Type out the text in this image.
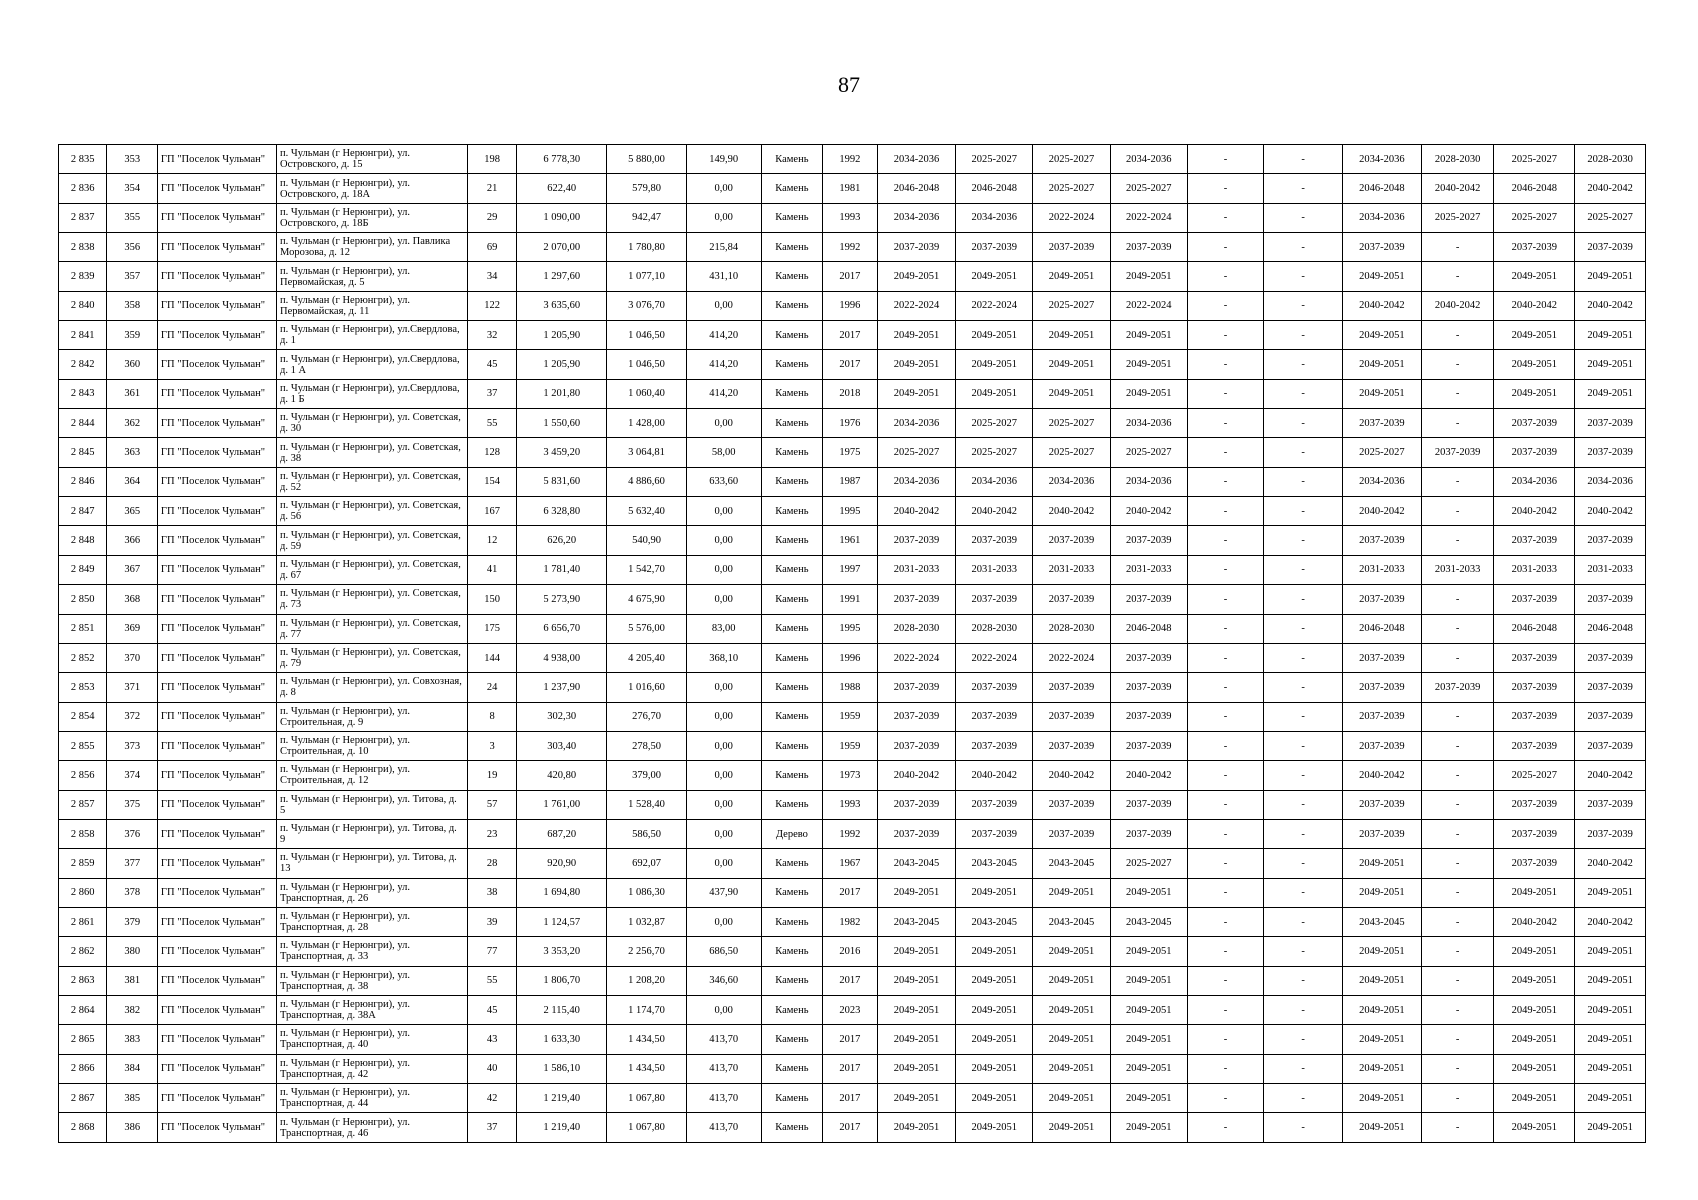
87
2 835	353	ГП "Поселок Чульман"	п. Чульман (г Нерюнгри), ул. Островского, д. 15	198	6 778,30	5 880,00	149,90	Камень	1992	2034-2036	2025-2027	2025-2027	2034-2036	-	-	2034-2036	2028-2030	2025-2027	2028-2030
2 836	354	ГП "Поселок Чульман"	п. Чульман (г Нерюнгри), ул. Островского, д. 18А	21	622,40	579,80	0,00	Камень	1981	2046-2048	2046-2048	2025-2027	2025-2027	-	-	2046-2048	2040-2042	2046-2048	2040-2042
2 837	355	ГП "Поселок Чульман"	п. Чульман (г Нерюнгри), ул. Островского, д. 18Б	29	1 090,00	942,47	0,00	Камень	1993	2034-2036	2034-2036	2022-2024	2022-2024	-	-	2034-2036	2025-2027	2025-2027	2025-2027
2 838	356	ГП "Поселок Чульман"	п. Чульман (г Нерюнгри), ул. Павлика Морозова, д. 12	69	2 070,00	1 780,80	215,84	Камень	1992	2037-2039	2037-2039	2037-2039	2037-2039	-	-	2037-2039	-	2037-2039	2037-2039
2 839	357	ГП "Поселок Чульман"	п. Чульман (г Нерюнгри), ул. Первомайская, д. 5	34	1 297,60	1 077,10	431,10	Камень	2017	2049-2051	2049-2051	2049-2051	2049-2051	-	-	2049-2051	-	2049-2051	2049-2051
2 840	358	ГП "Поселок Чульман"	п. Чульман (г Нерюнгри), ул. Первомайская, д. 11	122	3 635,60	3 076,70	0,00	Камень	1996	2022-2024	2022-2024	2025-2027	2022-2024	-	-	2040-2042	2040-2042	2040-2042	2040-2042
2 841	359	ГП "Поселок Чульман"	п. Чульман (г Нерюнгри), ул.Свердлова, д. 1	32	1 205,90	1 046,50	414,20	Камень	2017	2049-2051	2049-2051	2049-2051	2049-2051	-	-	2049-2051	-	2049-2051	2049-2051
2 842	360	ГП "Поселок Чульман"	п. Чульман (г Нерюнгри), ул.Свердлова, д. 1 А	45	1 205,90	1 046,50	414,20	Камень	2017	2049-2051	2049-2051	2049-2051	2049-2051	-	-	2049-2051	-	2049-2051	2049-2051
2 843	361	ГП "Поселок Чульман"	п. Чульман (г Нерюнгри), ул.Свердлова, д. 1 Б	37	1 201,80	1 060,40	414,20	Камень	2018	2049-2051	2049-2051	2049-2051	2049-2051	-	-	2049-2051	-	2049-2051	2049-2051
2 844	362	ГП "Поселок Чульман"	п. Чульман (г Нерюнгри), ул. Советская, д. 30	55	1 550,60	1 428,00	0,00	Камень	1976	2034-2036	2025-2027	2025-2027	2034-2036	-	-	2037-2039	-	2037-2039	2037-2039
2 845	363	ГП "Поселок Чульман"	п. Чульман (г Нерюнгри), ул. Советская, д. 38	128	3 459,20	3 064,81	58,00	Камень	1975	2025-2027	2025-2027	2025-2027	2025-2027	-	-	2025-2027	2037-2039	2037-2039	2037-2039
2 846	364	ГП "Поселок Чульман"	п. Чульман (г Нерюнгри), ул. Советская, д. 52	154	5 831,60	4 886,60	633,60	Камень	1987	2034-2036	2034-2036	2034-2036	2034-2036	-	-	2034-2036	-	2034-2036	2034-2036
2 847	365	ГП "Поселок Чульман"	п. Чульман (г Нерюнгри), ул. Советская, д. 56	167	6 328,80	5 632,40	0,00	Камень	1995	2040-2042	2040-2042	2040-2042	2040-2042	-	-	2040-2042	-	2040-2042	2040-2042
2 848	366	ГП "Поселок Чульман"	п. Чульман (г Нерюнгри), ул. Советская, д. 59	12	626,20	540,90	0,00	Камень	1961	2037-2039	2037-2039	2037-2039	2037-2039	-	-	2037-2039	-	2037-2039	2037-2039
2 849	367	ГП "Поселок Чульман"	п. Чульман (г Нерюнгри), ул. Советская, д. 67	41	1 781,40	1 542,70	0,00	Камень	1997	2031-2033	2031-2033	2031-2033	2031-2033	-	-	2031-2033	2031-2033	2031-2033	2031-2033
2 850	368	ГП "Поселок Чульман"	п. Чульман (г Нерюнгри), ул. Советская, д. 73	150	5 273,90	4 675,90	0,00	Камень	1991	2037-2039	2037-2039	2037-2039	2037-2039	-	-	2037-2039	-	2037-2039	2037-2039
2 851	369	ГП "Поселок Чульман"	п. Чульман (г Нерюнгри), ул. Советская, д. 77	175	6 656,70	5 576,00	83,00	Камень	1995	2028-2030	2028-2030	2028-2030	2046-2048	-	-	2046-2048	-	2046-2048	2046-2048
2 852	370	ГП "Поселок Чульман"	п. Чульман (г Нерюнгри), ул. Советская, д. 79	144	4 938,00	4 205,40	368,10	Камень	1996	2022-2024	2022-2024	2022-2024	2037-2039	-	-	2037-2039	-	2037-2039	2037-2039
2 853	371	ГП "Поселок Чульман"	п. Чульман (г Нерюнгри), ул. Совхозная, д. 8	24	1 237,90	1 016,60	0,00	Камень	1988	2037-2039	2037-2039	2037-2039	2037-2039	-	-	2037-2039	2037-2039	2037-2039	2037-2039
2 854	372	ГП "Поселок Чульман"	п. Чульман (г Нерюнгри), ул. Строительная, д. 9	8	302,30	276,70	0,00	Камень	1959	2037-2039	2037-2039	2037-2039	2037-2039	-	-	2037-2039	-	2037-2039	2037-2039
2 855	373	ГП "Поселок Чульман"	п. Чульман (г Нерюнгри), ул. Строительная, д. 10	3	303,40	278,50	0,00	Камень	1959	2037-2039	2037-2039	2037-2039	2037-2039	-	-	2037-2039	-	2037-2039	2037-2039
2 856	374	ГП "Поселок Чульман"	п. Чульман (г Нерюнгри), ул. Строительная, д. 12	19	420,80	379,00	0,00	Камень	1973	2040-2042	2040-2042	2040-2042	2040-2042	-	-	2040-2042	-	2025-2027	2040-2042
2 857	375	ГП "Поселок Чульман"	п. Чульман (г Нерюнгри), ул. Титова, д. 5	57	1 761,00	1 528,40	0,00	Камень	1993	2037-2039	2037-2039	2037-2039	2037-2039	-	-	2037-2039	-	2037-2039	2037-2039
2 858	376	ГП "Поселок Чульман"	п. Чульман (г Нерюнгри), ул. Титова, д. 9	23	687,20	586,50	0,00	Дерево	1992	2037-2039	2037-2039	2037-2039	2037-2039	-	-	2037-2039	-	2037-2039	2037-2039
2 859	377	ГП "Поселок Чульман"	п. Чульман (г Нерюнгри), ул. Титова, д. 13	28	920,90	692,07	0,00	Камень	1967	2043-2045	2043-2045	2043-2045	2025-2027	-	-	2049-2051	-	2037-2039	2040-2042
2 860	378	ГП "Поселок Чульман"	п. Чульман (г Нерюнгри), ул. Транспортная, д. 26	38	1 694,80	1 086,30	437,90	Камень	2017	2049-2051	2049-2051	2049-2051	2049-2051	-	-	2049-2051	-	2049-2051	2049-2051
2 861	379	ГП "Поселок Чульман"	п. Чульман (г Нерюнгри), ул. Транспортная, д. 28	39	1 124,57	1 032,87	0,00	Камень	1982	2043-2045	2043-2045	2043-2045	2043-2045	-	-	2043-2045	-	2040-2042	2040-2042
2 862	380	ГП "Поселок Чульман"	п. Чульман (г Нерюнгри), ул. Транспортная, д. 33	77	3 353,20	2 256,70	686,50	Камень	2016	2049-2051	2049-2051	2049-2051	2049-2051	-	-	2049-2051	-	2049-2051	2049-2051
2 863	381	ГП "Поселок Чульман"	п. Чульман (г Нерюнгри), ул. Транспортная, д. 38	55	1 806,70	1 208,20	346,60	Камень	2017	2049-2051	2049-2051	2049-2051	2049-2051	-	-	2049-2051	-	2049-2051	2049-2051
2 864	382	ГП "Поселок Чульман"	п. Чульман (г Нерюнгри), ул. Транспортная, д. 38А	45	2 115,40	1 174,70	0,00	Камень	2023	2049-2051	2049-2051	2049-2051	2049-2051	-	-	2049-2051	-	2049-2051	2049-2051
2 865	383	ГП "Поселок Чульман"	п. Чульман (г Нерюнгри), ул. Транспортная, д. 40	43	1 633,30	1 434,50	413,70	Камень	2017	2049-2051	2049-2051	2049-2051	2049-2051	-	-	2049-2051	-	2049-2051	2049-2051
2 866	384	ГП "Поселок Чульман"	п. Чульман (г Нерюнгри), ул. Транспортная, д. 42	40	1 586,10	1 434,50	413,70	Камень	2017	2049-2051	2049-2051	2049-2051	2049-2051	-	-	2049-2051	-	2049-2051	2049-2051
2 867	385	ГП "Поселок Чульман"	п. Чульман (г Нерюнгри), ул. Транспортная, д. 44	42	1 219,40	1 067,80	413,70	Камень	2017	2049-2051	2049-2051	2049-2051	2049-2051	-	-	2049-2051	-	2049-2051	2049-2051
2 868	386	ГП "Поселок Чульман"	п. Чульман (г Нерюнгри), ул. Транспортная, д. 46	37	1 219,40	1 067,80	413,70	Камень	2017	2049-2051	2049-2051	2049-2051	2049-2051	-	-	2049-2051	-	2049-2051	2049-2051
